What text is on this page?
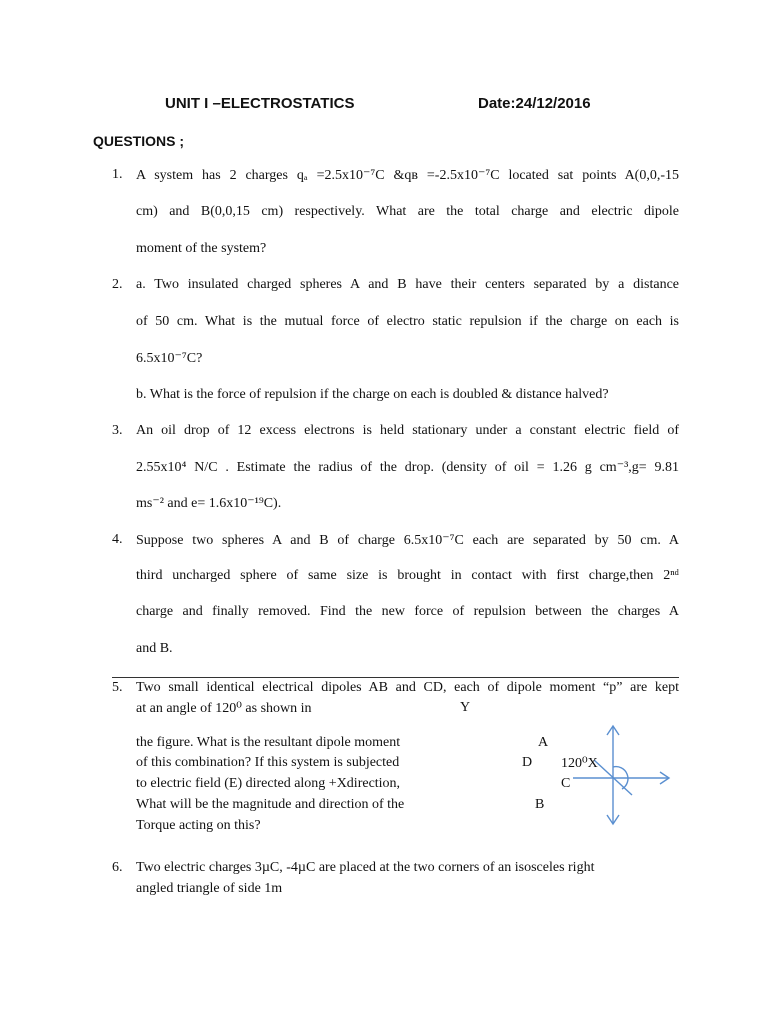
UNIT I –ELECTROSTATICS	Date:24/12/2016
QUESTIONS ;
1. A system has 2 charges qₐ =2.5x10⁻⁷C &qʙ =-2.5x10⁻⁷C located sat points A(0,0,-15
cm) and B(0,0,15 cm) respectively. What are the total charge and electric dipole
moment of the system?
2. a. Two insulated charged spheres A and B have their centers separated by a distance
of 50 cm. What is the mutual force of electro static repulsion if the charge on each is
6.5x10⁻⁷C?
b. What is the force of repulsion if the charge on each is doubled & distance halved?
3. An oil drop of 12 excess electrons is held stationary under a constant electric field of
2.55x10⁴ N/C . Estimate the radius of the drop. (density of oil = 1.26 g cm⁻³,g= 9.81
ms⁻² and e= 1.6x10⁻¹⁹C).
4. Suppose two spheres A and B of charge 6.5x10⁻⁷C each are separated by 50 cm. A
third uncharged sphere of same size is brought in contact with first charge,then 2ⁿᵈ
charge and finally removed. Find the new force of repulsion between the charges A
and B.
5. Two small identical electrical dipoles AB and CD, each of dipole moment “p” are kept
at an angle of 120⁰ as shown in
the figure. What is the resultant dipole moment
of this combination? If this system is subjected
to electric field (E) directed along +Xdirection,
What will be the magnitude and direction of the
Torque acting on this?
Y
A
D 120⁰X
C
B
6. Two electric charges 3µC, -4µC are placed at the two corners of an isosceles right
angled triangle of side 1m
